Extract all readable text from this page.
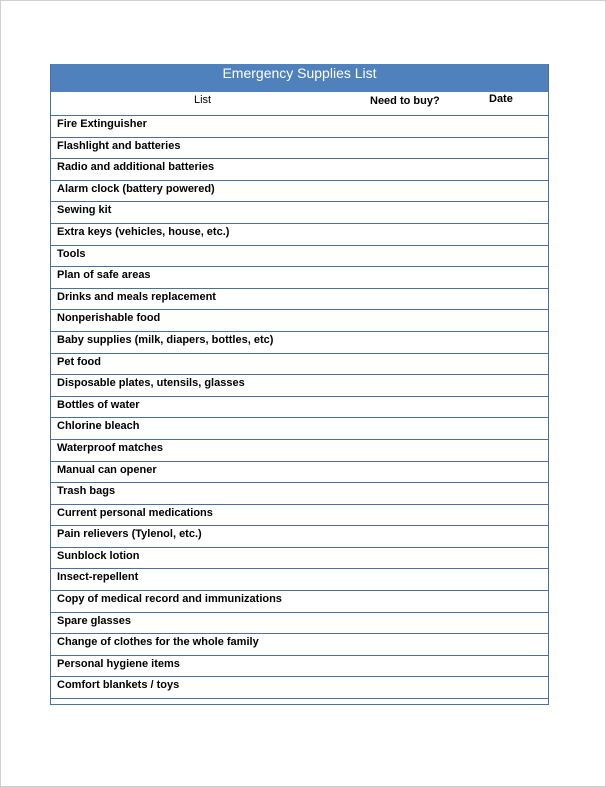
Emergency Supplies List
List	Need to buy?	Date
Fire Extinguisher
Flashlight and batteries
Radio and additional batteries
Alarm clock (battery powered)
Sewing kit
Extra keys (vehicles, house, etc.)
Tools
Plan of safe areas
Drinks and meals replacement
Nonperishable food
Baby supplies (milk, diapers, bottles, etc)
Pet food
Disposable plates, utensils, glasses
Bottles of water
Chlorine bleach
Waterproof matches
Manual can opener
Trash bags
Current personal medications
Pain relievers (Tylenol, etc.)
Sunblock lotion
Insect-repellent
Copy of medical record and immunizations
Spare glasses
Change of clothes for the whole family
Personal hygiene items
Comfort blankets / toys
